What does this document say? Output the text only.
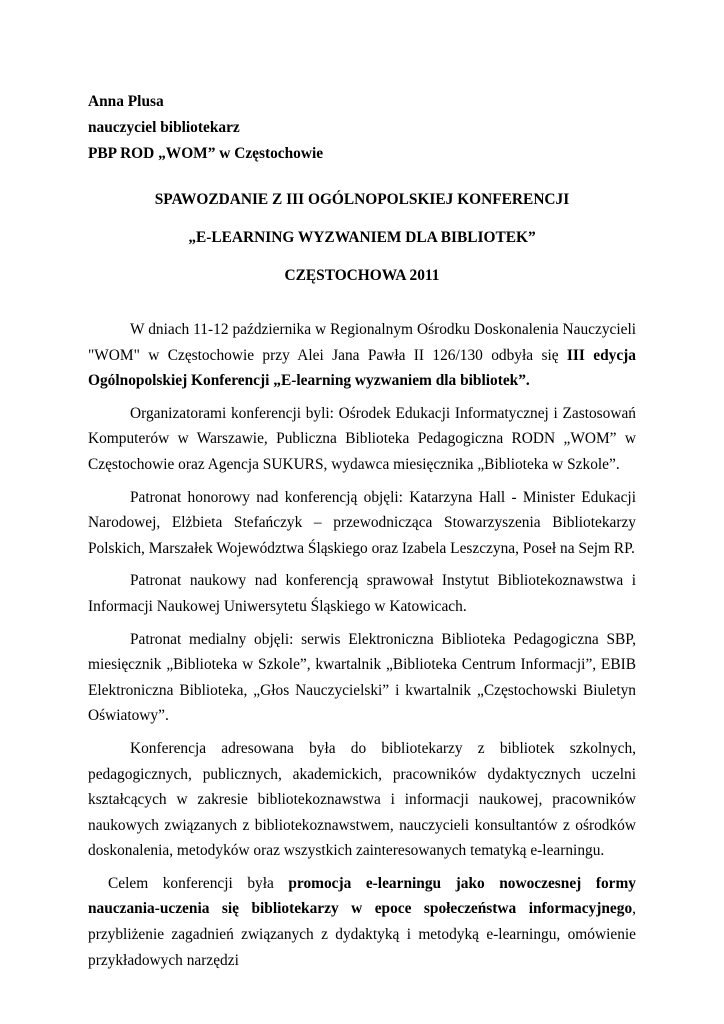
Anna Plusa
nauczyciel bibliotekarz
PBP ROD „WOM” w Częstochowie
SPAWOZDANIE Z III OGÓLNOPOLSKIEJ KONFERENCJI
„E-LEARNING WYZWANIEM DLA BIBLIOTEK”
CZĘSTOCHOWA 2011

W dniach 11-12 października w Regionalnym Ośrodku Doskonalenia Nauczycieli "WOM" w Częstochowie przy Alei Jana Pawła II 126/130 odbyła się III edycja Ogólnopolskiej Konferencji „E-learning wyzwaniem dla bibliotek”.

Organizatorami konferencji byli: Ośrodek Edukacji Informatycznej i Zastosowań Komputerów w Warszawie, Publiczna Biblioteka Pedagogiczna RODN „WOM” w Częstochowie oraz Agencja SUKURS, wydawca miesięcznika „Biblioteka w Szkole”.

Patronat honorowy nad konferencją objęli: Katarzyna Hall - Minister Edukacji Narodowej, Elżbieta Stefańczyk – przewodnicząca Stowarzyszenia Bibliotekarzy Polskich, Marszałek Województwa Śląskiego oraz Izabela Leszczyna, Poseł na Sejm RP.

Patronat naukowy nad konferencją sprawował Instytut Bibliotekoznawstwa i Informacji Naukowej Uniwersytetu Śląskiego w Katowicach.

Patronat medialny objęli: serwis Elektroniczna Biblioteka Pedagogiczna SBP, miesięcznik „Biblioteka w Szkole”, kwartalnik „Biblioteka Centrum Informacji”, EBIB Elektroniczna Biblioteka, „Głos Nauczycielski” i kwartalnik „Częstochowski Biuletyn Oświatowy”.

Konferencja adresowana była do bibliotekarzy z bibliotek szkolnych, pedagogicznych, publicznych, akademickich, pracowników dydaktycznych uczelni kształcących w zakresie bibliotekoznawstwa i informacji naukowej, pracowników naukowych związanych z bibliotekoznawstwem, nauczycieli konsultantów z ośrodków doskonalenia, metodyków oraz wszystkich zainteresowanych tematyką e-learningu.

Celem konferencji była promocja e-learningu jako nowoczesnej formy nauczania-uczenia się bibliotekarzy w epoce społeczeństwa informacyjnego, przybliżenie zagadnień związanych z dydaktyką i metodyką e-learningu, omówienie przykładowych narzędzi
